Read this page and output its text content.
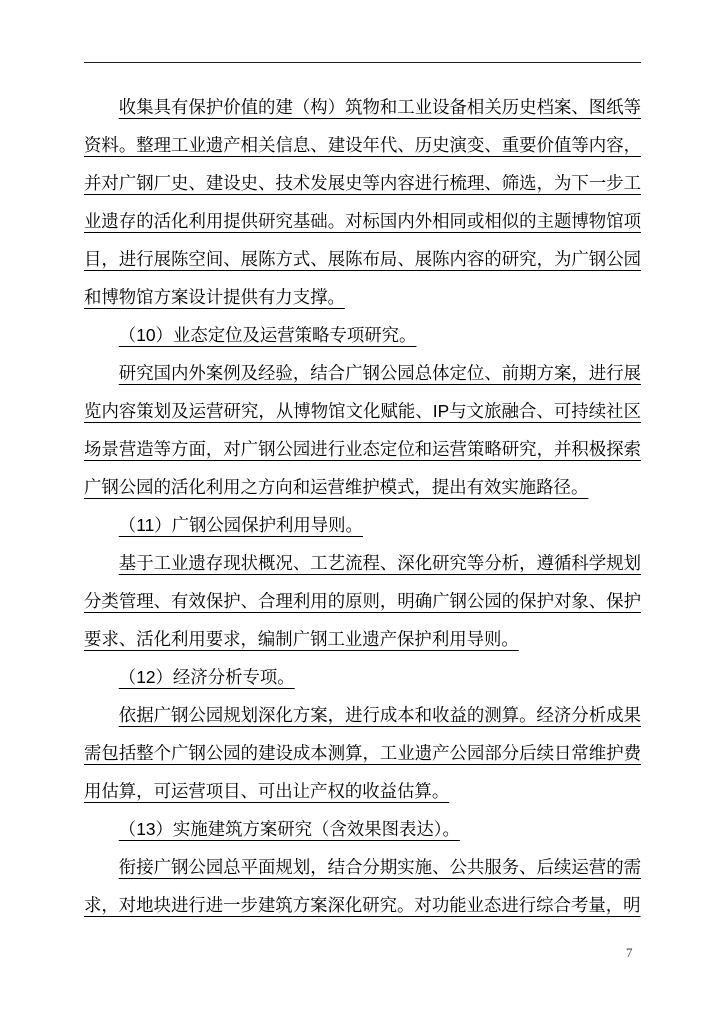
收集具有保护价值的建（构）筑物和工业设备相关历史档案、图纸等资料。整理工业遗产相关信息、建设年代、历史演变、重要价值等内容，并对广钢厂史、建设史、技术发展史等内容进行梳理、筛选，为下一步工业遗存的活化利用提供研究基础。对标国内外相同或相似的主题博物馆项目，进行展陈空间、展陈方式、展陈布局、展陈内容的研究，为广钢公园和博物馆方案设计提供有力支撑。

（10）业态定位及运营策略专项研究。

研究国内外案例及经验，结合广钢公园总体定位、前期方案，进行展览内容策划及运营研究，从博物馆文化赋能、IP与文旅融合、可持续社区场景营造等方面，对广钢公园进行业态定位和运营策略研究，并积极探索广钢公园的活化利用之方向和运营维护模式，提出有效实施路径。

（11）广钢公园保护利用导则。

基于工业遗存现状概况、工艺流程、深化研究等分析，遵循科学规划分类管理、有效保护、合理利用的原则，明确广钢公园的保护对象、保护要求、活化利用要求，编制广钢工业遗产保护利用导则。

（12）经济分析专项。

依据广钢公园规划深化方案，进行成本和收益的测算。经济分析成果需包括整个广钢公园的建设成本测算，工业遗产公园部分后续日常维护费用估算，可运营项目、可出让产权的收益估算。

（13）实施建筑方案研究（含效果图表达）。

衔接广钢公园总平面规划，结合分期实施、公共服务、后续运营的需求，对地块进行进一步建筑方案深化研究。对功能业态进行综合考量，明

7
